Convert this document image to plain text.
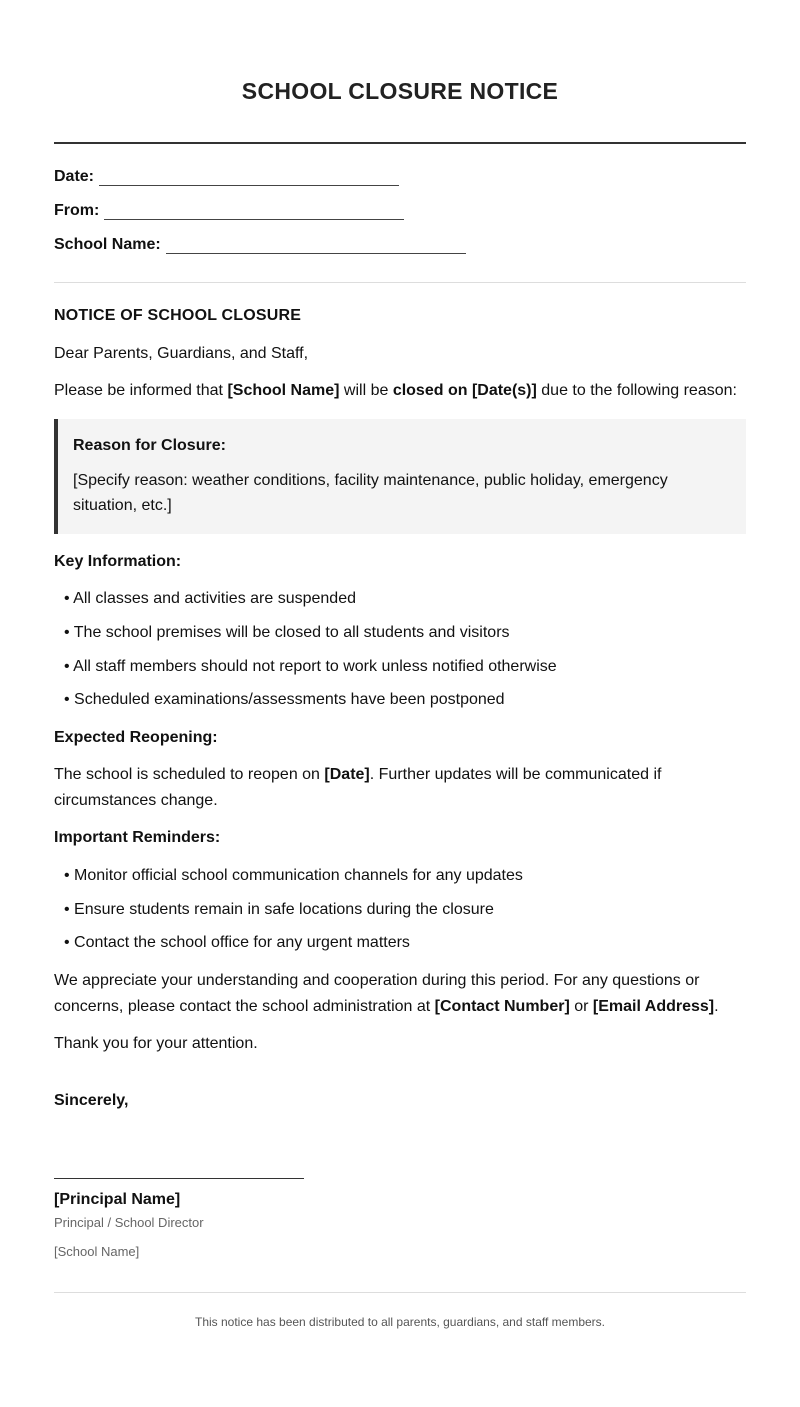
SCHOOL CLOSURE NOTICE
Date:
From:
School Name:
NOTICE OF SCHOOL CLOSURE
Dear Parents, Guardians, and Staff,
Please be informed that [School Name] will be closed on [Date(s)] due to the following reason:
Reason for Closure:
[Specify reason: weather conditions, facility maintenance, public holiday, emergency situation, etc.]
Key Information:
• All classes and activities are suspended
• The school premises will be closed to all students and visitors
• All staff members should not report to work unless notified otherwise
• Scheduled examinations/assessments have been postponed
Expected Reopening:
The school is scheduled to reopen on [Date]. Further updates will be communicated if circumstances change.
Important Reminders:
• Monitor official school communication channels for any updates
• Ensure students remain in safe locations during the closure
• Contact the school office for any urgent matters
We appreciate your understanding and cooperation during this period. For any questions or concerns, please contact the school administration at [Contact Number] or [Email Address].
Thank you for your attention.
Sincerely,
[Principal Name]
Principal / School Director
[School Name]
This notice has been distributed to all parents, guardians, and staff members.
